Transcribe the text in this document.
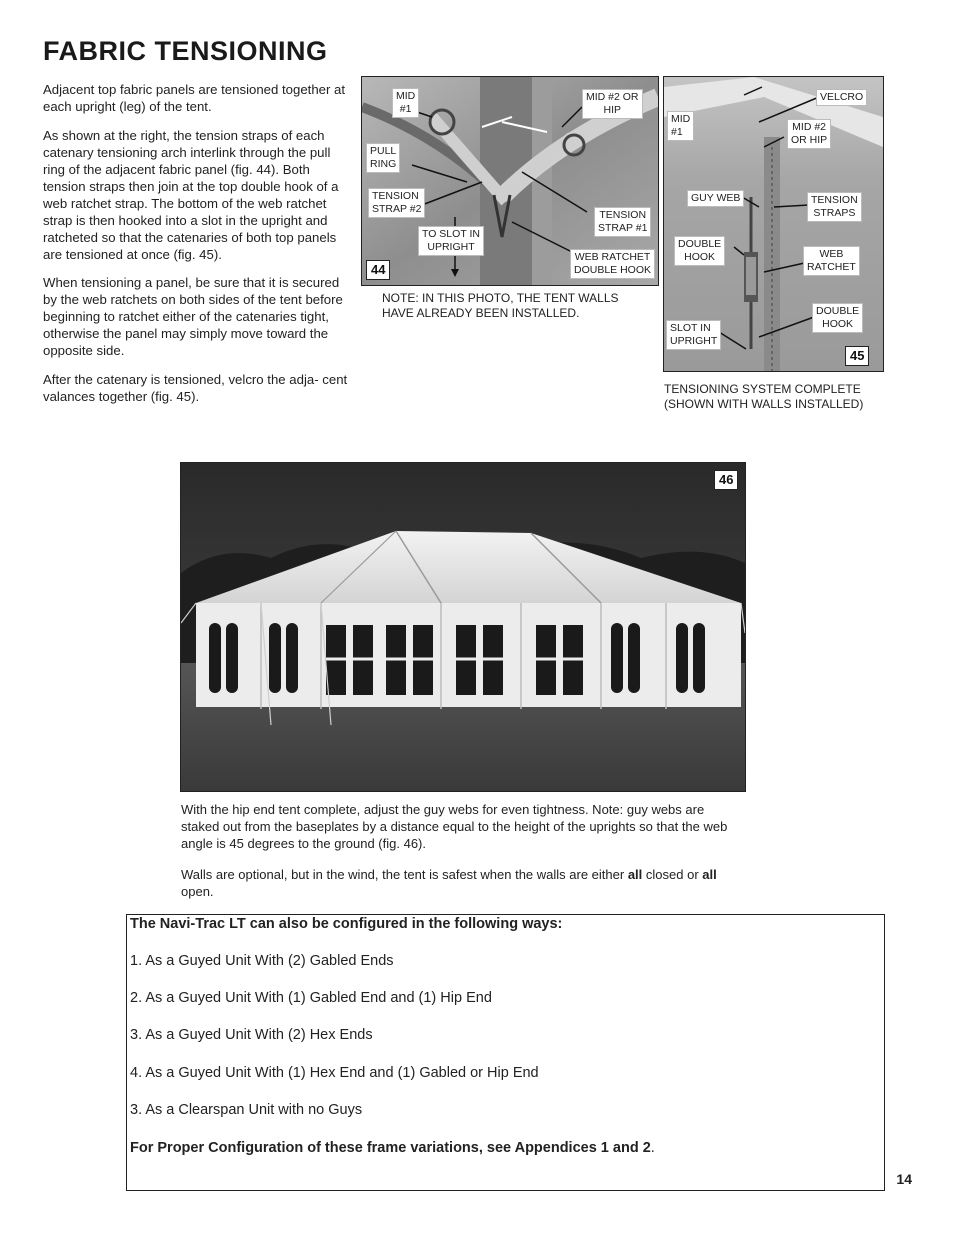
FABRIC TENSIONING

Adjacent top fabric panels are tensioned together at each upright (leg) of the tent.

As shown at the right, the tension straps of each catenary tensioning arch interlink through the pull ring of the adjacent fabric panel (fig. 44). Both tension straps then join at the top double hook of a web ratchet strap. The bottom of the web ratchet strap is then hooked into a slot in the upright and ratcheted so that the catenaries of both top panels are tensioned at once (fig. 45).

When tensioning a panel, be sure that it is secured by the web ratchets on both sides of the tent before beginning to ratchet either of the catenaries tight, otherwise the panel may simply move toward the opposite side.

After the catenary is tensioned, velcro the adja- cent valances together (fig. 45).

MID
#1
MID #2 OR
HIP
PULL
RING
TENSION
STRAP #2	TENSION
STRAP #1
TO SLOT IN
UPRIGHT
WEB RATCHET
DOUBLE HOOK
44

NOTE: IN THIS PHOTO, THE TENT WALLS

HAVE ALREADY BEEN INSTALLED.

VELCRO
MID
#1	MID #2
OR HIP
GUY WEB	TENSION
STRAPS
DOUBLE
HOOK	WEB
RATCHET
DOUBLE
HOOK
SLOT IN
UPRIGHT
45

TENSIONING SYSTEM COMPLETE

(SHOWN WITH WALLS INSTALLED)

46

With the hip end tent complete, adjust the guy webs for even tightness. Note: guy webs are staked out from the baseplates by a distance equal to the height of the uprights so that the web angle is 45 degrees to the ground (fig. 46).

Walls are optional, but in the wind, the tent is safest when the walls are either all closed or all open.

The Navi-Trac LT can also be configured in the following ways:

1. As a Guyed Unit With (2) Gabled Ends

2. As a Guyed Unit With (1) Gabled End and (1) Hip End

3. As a Guyed Unit With (2) Hex Ends

4. As a Guyed Unit With (1) Hex End and (1) Gabled or Hip End

3. As a Clearspan Unit with no Guys

For Proper Configuration of these frame variations, see Appendices 1 and 2.

14
